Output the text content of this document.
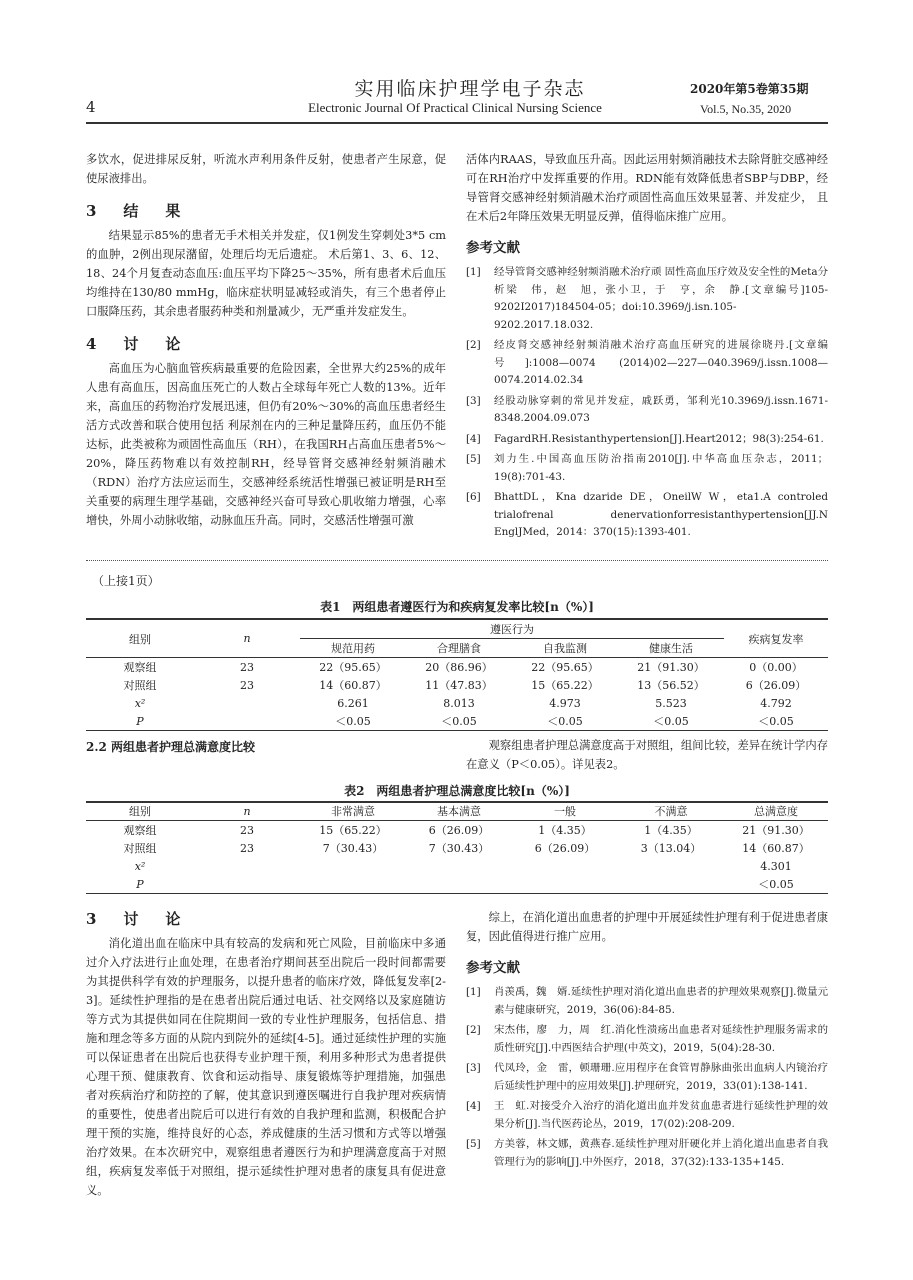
4
实用临床护理学电子杂志
Electronic Journal Of Practical Clinical Nursing Science
2020年第5卷第35期
Vol.5, No.35, 2020

多饮水，促进排尿反射，听流水声利用条件反射，使患者产生尿意，促使尿液排出。

3　结　果

结果显示85%的患者无手术相关并发症，仅1例发生穿刺处3*5 cm的血肿，2例出现尿潴留，处理后均无后遗症。 术后第1、3、6、12、18、24个月复查动态血压:血压平均下降25～35%，所有患者术后血压均维持在130/80 mmHg，临床症状明显减轻或消失，有三个患者停止口服降压药，其余患者服药种类和剂量减少，无严重并发症发生。

4　讨　论

高血压为心脑血管疾病最重要的危险因素，全世界大约25%的成年人患有高血压，因高血压死亡的人数占全球每年死亡人数的13%。近年来，高血压的药物治疗发展迅速，但仍有20%～30%的高血压患者经生活方式改善和联合使用包括 利尿剂在内的三种足量降压药，血压仍不能达标，此类被称为顽固性高血压（RH），在我国RH占高血压患者5%～20%，降压药物难以有效控制RH，经导管肾交感神经射频消融术（RDN）治疗方法应运而生，交感神经系统活性增强已被证明是RH至关重要的病理生理学基础，交感神经兴奋可导致心肌收缩力增强，心率增快，外周小动脉收缩，动脉血压升高。同时，交感活性增强可激

活体内RAAS，导致血压升高。因此运用射频消融技术去除肾脏交感神经可在RH治疗中发挥重要的作用。RDN能有效降低患者SBP与DBP，经导管肾交感神经射频消融术治疗顽固性高血压效果显著、并发症少， 且在术后2年降压效果无明显反弹，值得临床推广应用。

参考文献
[1] 经导管肾交感神经射频消融术治疗顽 固性高血压疗效及安全性的Meta分析梁　伟，赵　旭，张小卫，于　亨，余　静.[文章编号]105-9202I2017)184504-05；doi:10.3969/j.isn.105-9202.2017.18.032.
[2] 经皮肾交感神经射频消融术治疗高血压研究的进展徐晓丹.[文章编号]:1008—0074 (2014)02—227—040.3969/j.issn.1008—0074.2014.02.34
[3] 经股动脉穿刺的常见并发症，戚跃勇，邹利光10.3969/j.issn.1671-8348.2004.09.073
[4] FagardRH.Resistanthypertension[J].Heart2012；98(3):254-61.
[5] 刘力生.中国高血压防治指南2010[J].中华高血压杂志，2011；19(8):701-43.
[6] BhattDL，Kna dzaride DE，OneilW W，eta1.A controled trialofrenal denervationforresistanthypertension[JJ.N EnglJMed，2014：370(15):1393-401.
（上接1页）
表1　两组患者遵医行为和疾病复发率比较[n（%）]
组别	n	遵医行为				疾病复发率
		规范用药	合理膳食	自我监测	健康生活	
观察组	23	22（95.65）	20（86.96）	22（95.65）	21（91.30）	0（0.00）
对照组	23	14（60.87）	11（47.83）	15（65.22）	13（56.52）	6（26.09）
x²		6.261	8.013	4.973	5.523	4.792
P		＜0.05	＜0.05	＜0.05	＜0.05	＜0.05
2.2 两组患者护理总满意度比较	观察组患者护理总满意度高于对照组，组间比较，差异在统计学内存在意义（P＜0.05）。详见表2。

表2　两组患者护理总满意度比较[n（%）]
组别	n	非常满意	基本满意	一般	不满意	总满意度
观察组	23	15（65.22）	6（26.09）	1（4.35）	1（4.35）	21（91.30）
对照组	23	7（30.43）	7（30.43）	6（26.09）	3（13.04）	14（60.87）
x²						4.301
P						＜0.05
3　讨　论

消化道出血在临床中具有较高的发病和死亡风险，目前临床中多通过介入疗法进行止血处理，在患者治疗期间甚至出院后一段时间都需要为其提供科学有效的护理服务，以提升患者的临床疗效，降低复发率[2-3]。延续性护理指的是在患者出院后通过电话、社交网络以及家庭随访等方式为其提供如同在住院期间一致的专业性护理服务，包括信息、措施和理念等多方面的从院内到院外的延续[4-5]。通过延续性护理的实施可以保证患者在出院后也获得专业护理干预，利用多种形式为患者提供心理干预、健康教育、饮食和运动指导、康复锻炼等护理措施，加强患者对疾病治疗和防控的了解，使其意识到遵医嘱进行自我护理对疾病情的重要性，使患者出院后可以进行有效的自我护理和监测，积极配合护理干预的实施，维持良好的心态，养成健康的生活习惯和方式等以增强治疗效果。在本次研究中，观察组患者遵医行为和护理满意度高于对照组，疾病复发率低于对照组，提示延续性护理对患者的康复具有促进意义。

综上，在消化道出血患者的护理中开展延续性护理有利于促进患者康复，因此值得进行推广应用。

参考文献
[1] 肖羡禹，魏　婿.延续性护理对消化道出血患者的护理效果观察[J].微量元素与健康研究，2019，36(06):84-85.
[2] 宋杰伟，廖　力，周　红.消化性溃疡出血患者对延续性护理服务需求的质性研究[J].中西医结合护理(中英文)，2019，5(04):28-30.
[3] 代凤玲，金　雷，顿珊珊.应用程序在食管胃静脉曲张出血病人内镜治疗后延续性护理中的应用效果[J].护理研究，2019，33(01):138-141.
[4] 王　虹.对接受介入治疗的消化道出血并发贫血患者进行延续性护理的效果分析[J].当代医药论丛，2019，17(02):208-209.
[5] 方美蓉，林文娜，黄燕春.延续性护理对肝硬化并上消化道出血患者自我管理行为的影响[J].中外医疗，2018，37(32):133-135+145.
